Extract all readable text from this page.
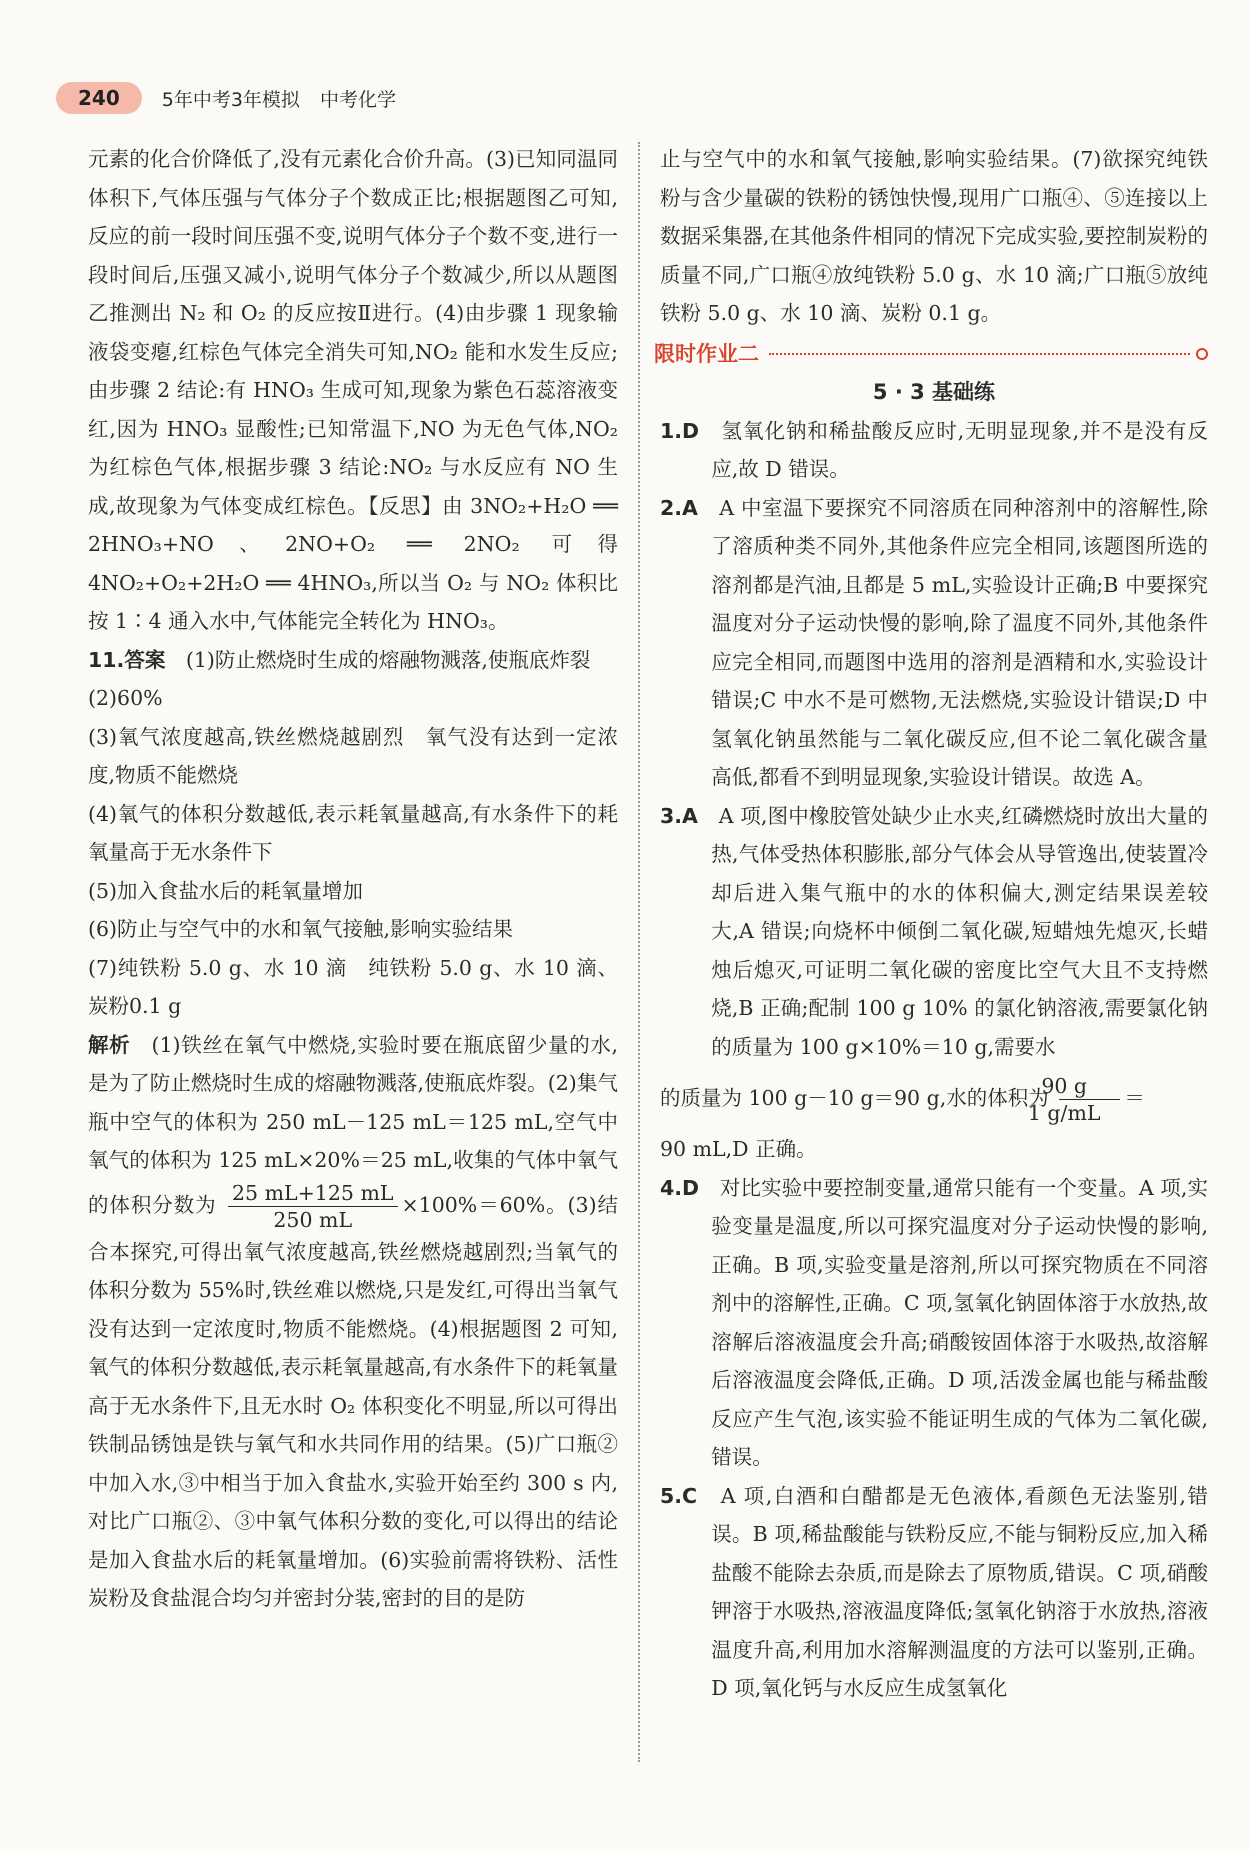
240	5年中考3年模拟 中考化学

元素的化合价降低了,没有元素化合价升高。(3)已知同温同体积下,气体压强与气体分子个数成正比;根据题图乙可知,反应的前一段时间压强不变,说明气体分子个数不变,进行一段时间后,压强又减小,说明气体分子个数减少,所以从题图乙推测出 N₂ 和 O₂ 的反应按Ⅱ进行。(4)由步骤 1 现象输液袋变瘪,红棕色气体完全消失可知,NO₂ 能和水发生反应;由步骤 2 结论:有 HNO₃ 生成可知,现象为紫色石蕊溶液变红,因为 HNO₃ 显酸性;已知常温下,NO 为无色气体,NO₂ 为红棕色气体,根据步骤 3 结论:NO₂ 与水反应有 NO 生成,故现象为气体变成红棕色。【反思】由 3NO₂+H₂O ══ 2HNO₃+NO、2NO+O₂ ══ 2NO₂ 可得 4NO₂+O₂+2H₂O ══ 4HNO₃,所以当 O₂ 与 NO₂ 体积比按 1∶4 通入水中,气体能完全转化为 HNO₃。

11.答案　 (1)防止燃烧时生成的熔融物溅落,使瓶底炸裂

(2)60%

(3)氧气浓度越高,铁丝燃烧越剧烈　氧气没有达到一定浓度,物质不能燃烧

(4)氧气的体积分数越低,表示耗氧量越高,有水条件下的耗氧量高于无水条件下

(5)加入食盐水后的耗氧量增加

(6)防止与空气中的水和氧气接触,影响实验结果

(7)纯铁粉 5.0 g、水 10 滴　纯铁粉 5.0 g、水 10 滴、炭粉0.1 g

解析　 (1)铁丝在氧气中燃烧,实验时要在瓶底留少量的水,是为了防止燃烧时生成的熔融物溅落,使瓶底炸裂。(2)集气瓶中空气的体积为 250 mL－125 mL＝125 mL,空气中氧气的体积为 125 mL×20%＝25 mL,收集的气体中氧气的体积分数为 $\frac{25 mL+125 mL}{250 mL} \times 100\%=60\%$。(3)结合本探究,可得出氧气浓度越高,铁丝燃烧越剧烈;当氧气的体积分数为 55%时,铁丝难以燃烧,只是发红,可得出当氧气没有达到一定浓度时,物质不能燃烧。(4)根据题图 2 可知,氧气的体积分数越低,表示耗氧量越高,有水条件下的耗氧量高于无水条件下,且无水时 O₂ 体积变化不明显,所以可得出铁制品锈蚀是铁与氧气和水共同作用的结果。(5)广口瓶②中加入水,③中相当于加入食盐水,实验开始至约 300 s 内,对比广口瓶②、③中氧气体积分数的变化,可以得出的结论是加入食盐水后的耗氧量增加。(6)实验前需将铁粉、活性炭粉及食盐混合均匀并密封分装,密封的目的是防

止与空气中的水和氧气接触,影响实验结果。(7)欲探究纯铁粉与含少量碳的铁粉的锈蚀快慢,现用广口瓶④、⑤连接以上数据采集器,在其他条件相同的情况下完成实验,要控制炭粉的质量不同,广口瓶④放纯铁粉 5.0 g、水 10 滴;广口瓶⑤放纯铁粉 5.0 g、水 10 滴、炭粉 0.1 g。

限时作业二

5 · 3 基础练

1.D　 氢氧化钠和稀盐酸反应时,无明显现象,并不是没有反应,故 D 错误。

2.A　 A 中室温下要探究不同溶质在同种溶剂中的溶解性,除了溶质种类不同外,其他条件应完全相同,该题图所选的溶剂都是汽油,且都是 5 mL,实验设计正确;B 中要探究温度对分子运动快慢的影响,除了温度不同外,其他条件应完全相同,而题图中选用的溶剂是酒精和水,实验设计错误;C 中水不是可燃物,无法燃烧,实验设计错误;D 中氢氧化钠虽然能与二氧化碳反应,但不论二氧化碳含量高低,都看不到明显现象,实验设计错误。故选 A。

3.A　 A 项,图中橡胶管处缺少止水夹,红磷燃烧时放出大量的热,气体受热体积膨胀,部分气体会从导管逸出,使装置冷却后进入集气瓶中的水的体积偏大,测定结果误差较大,A 错误;向烧杯中倾倒二氧化碳,短蜡烛先熄灭,长蜡烛后熄灭,可证明二氧化碳的密度比空气大且不支持燃烧,B 正确;配制 100 g 10% 的氯化钠溶液,需要氯化钠的质量为 100 g×10%＝10 g,需要水

的质量为 100 g－10 g＝90 g,水的体积为 $\frac{90 g}{1 g/mL}$ ＝

90 mL,D 正确。

4.D　 对比实验中要控制变量,通常只能有一个变量。A 项,实验变量是温度,所以可探究温度对分子运动快慢的影响,正确。B 项,实验变量是溶剂,所以可探究物质在不同溶剂中的溶解性,正确。C 项,氢氧化钠固体溶于水放热,故溶解后溶液温度会升高;硝酸铵固体溶于水吸热,故溶解后溶液温度会降低,正确。D 项,活泼金属也能与稀盐酸反应产生气泡,该实验不能证明生成的气体为二氧化碳,错误。

5.C　 A 项,白酒和白醋都是无色液体,看颜色无法鉴别,错误。B 项,稀盐酸能与铁粉反应,不能与铜粉反应,加入稀盐酸不能除去杂质,而是除去了原物质,错误。C 项,硝酸钾溶于水吸热,溶液温度降低;氢氧化钠溶于水放热,溶液温度升高,利用加水溶解测温度的方法可以鉴别,正确。D 项,氧化钙与水反应生成氢氧化
